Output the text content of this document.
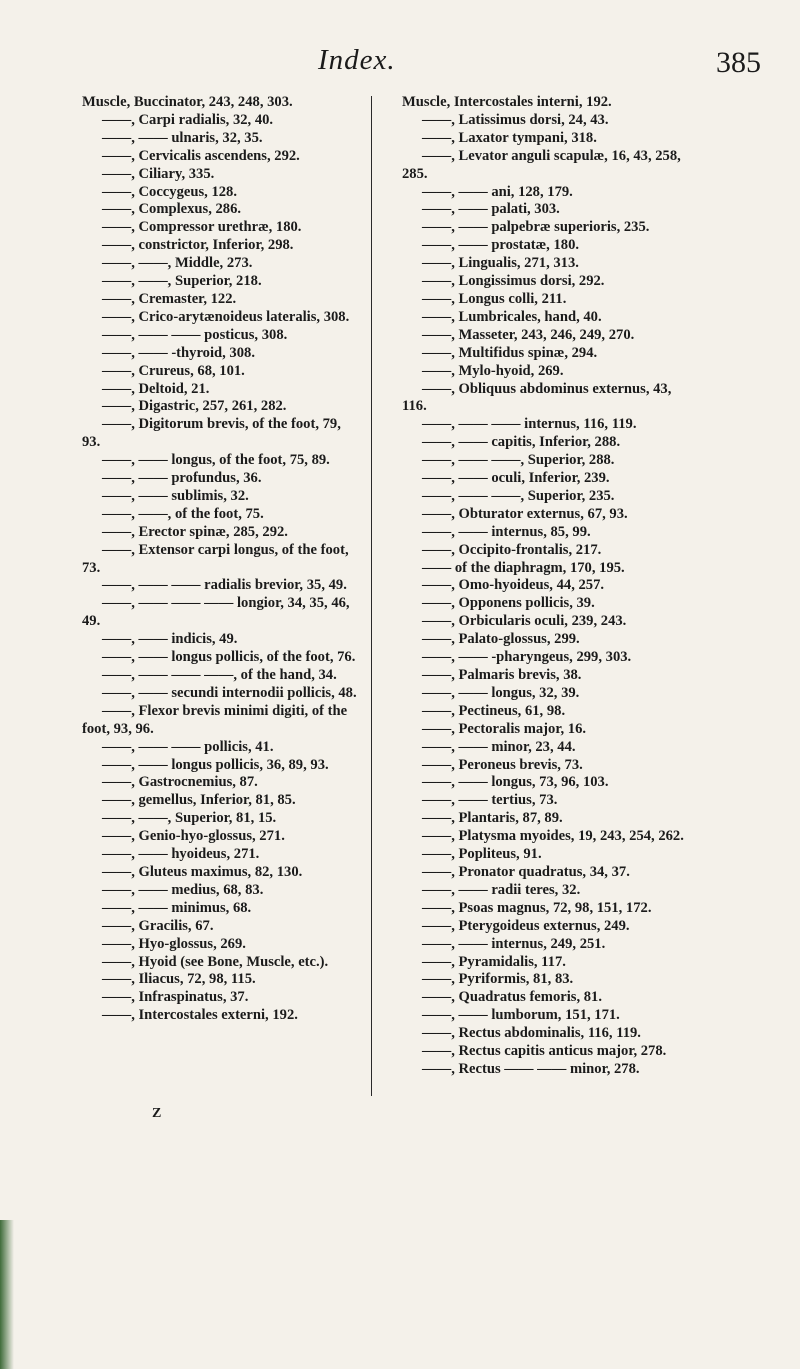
Index.	385

Muscle, Buccinator, 243, 248, 303.

——, Carpi radialis, 32, 40.

——, —— ulnaris, 32, 35.

——, Cervicalis ascendens, 292.

——, Ciliary, 335.

——, Coccygeus, 128.

——, Complexus, 286.

——, Compressor urethræ, 180.

——, constrictor, Inferior, 298.

——, ——, Middle, 273.

——, ——, Superior, 218.

——, Cremaster, 122.

——, Crico-arytænoideus lateralis, 308.

——, —— —— posticus, 308.

——, —— -thyroid, 308.

——, Crureus, 68, 101.

——, Deltoid, 21.

——, Digastric, 257, 261, 282.

——, Digitorum brevis, of the foot, 79, 93.

——, —— longus, of the foot, 75, 89.

——, —— profundus, 36.

——, —— sublimis, 32.

——, ——, of the foot, 75.

——, Erector spinæ, 285, 292.

——, Extensor carpi longus, of the foot, 73.

——, —— —— radialis brevior, 35, 49.

——, —— —— —— longior, 34, 35, 46, 49.

——, —— indicis, 49.

——, —— longus pollicis, of the foot, 76.

——, —— —— ——, of the hand, 34.

——, —— secundi internodii pollicis, 48.

——, Flexor brevis minimi digiti, of the foot, 93, 96.

——, —— —— pollicis, 41.

——, —— longus pollicis, 36, 89, 93.

——, Gastrocnemius, 87.

——, gemellus, Inferior, 81, 85.

——, ——, Superior, 81, 15.

——, Genio-hyo-glossus, 271.

——, —— hyoideus, 271.

——, Gluteus maximus, 82, 130.

——, —— medius, 68, 83.

——, —— minimus, 68.

——, Gracilis, 67.

——, Hyo-glossus, 269.

——, Hyoid (see Bone, Muscle, etc.).

——, Iliacus, 72, 98, 115.

——, Infraspinatus, 37.

——, Intercostales externi, 192.

Muscle, Intercostales interni, 192.

——, Latissimus dorsi, 24, 43.

——, Laxator tympani, 318.

——, Levator anguli scapulæ, 16, 43, 258, 285.

——, —— ani, 128, 179.

——, —— palati, 303.

——, —— palpebræ superioris, 235.

——, —— prostatæ, 180.

——, Lingualis, 271, 313.

——, Longissimus dorsi, 292.

——, Longus colli, 211.

——, Lumbricales, hand, 40.

——, Masseter, 243, 246, 249, 270.

——, Multifidus spinæ, 294.

——, Mylo-hyoid, 269.

——, Obliquus abdominus externus, 43, 116.

——, —— —— internus, 116, 119.

——, —— capitis, Inferior, 288.

——, —— ——, Superior, 288.

——, —— oculi, Inferior, 239.

——, —— ——, Superior, 235.

——, Obturator externus, 67, 93.

——, —— internus, 85, 99.

——, Occipito-frontalis, 217.

—— of the diaphragm, 170, 195.

——, Omo-hyoideus, 44, 257.

——, Opponens pollicis, 39.

——, Orbicularis oculi, 239, 243.

——, Palato-glossus, 299.

——, —— -pharyngeus, 299, 303.

——, Palmaris brevis, 38.

——, —— longus, 32, 39.

——, Pectineus, 61, 98.

——, Pectoralis major, 16.

——, —— minor, 23, 44.

——, Peroneus brevis, 73.

——, —— longus, 73, 96, 103.

——, —— tertius, 73.

——, Plantaris, 87, 89.

——, Platysma myoides, 19, 243, 254, 262.

——, Popliteus, 91.

——, Pronator quadratus, 34, 37.

——, —— radii teres, 32.

——, Psoas magnus, 72, 98, 151, 172.

——, Pterygoideus externus, 249.

——, —— internus, 249, 251.

——, Pyramidalis, 117.

——, Pyriformis, 81, 83.

——, Quadratus femoris, 81.

——, —— lumborum, 151, 171.

——, Rectus abdominalis, 116, 119.

——, Rectus capitis anticus major, 278.

——, Rectus —— —— minor, 278.

Z
